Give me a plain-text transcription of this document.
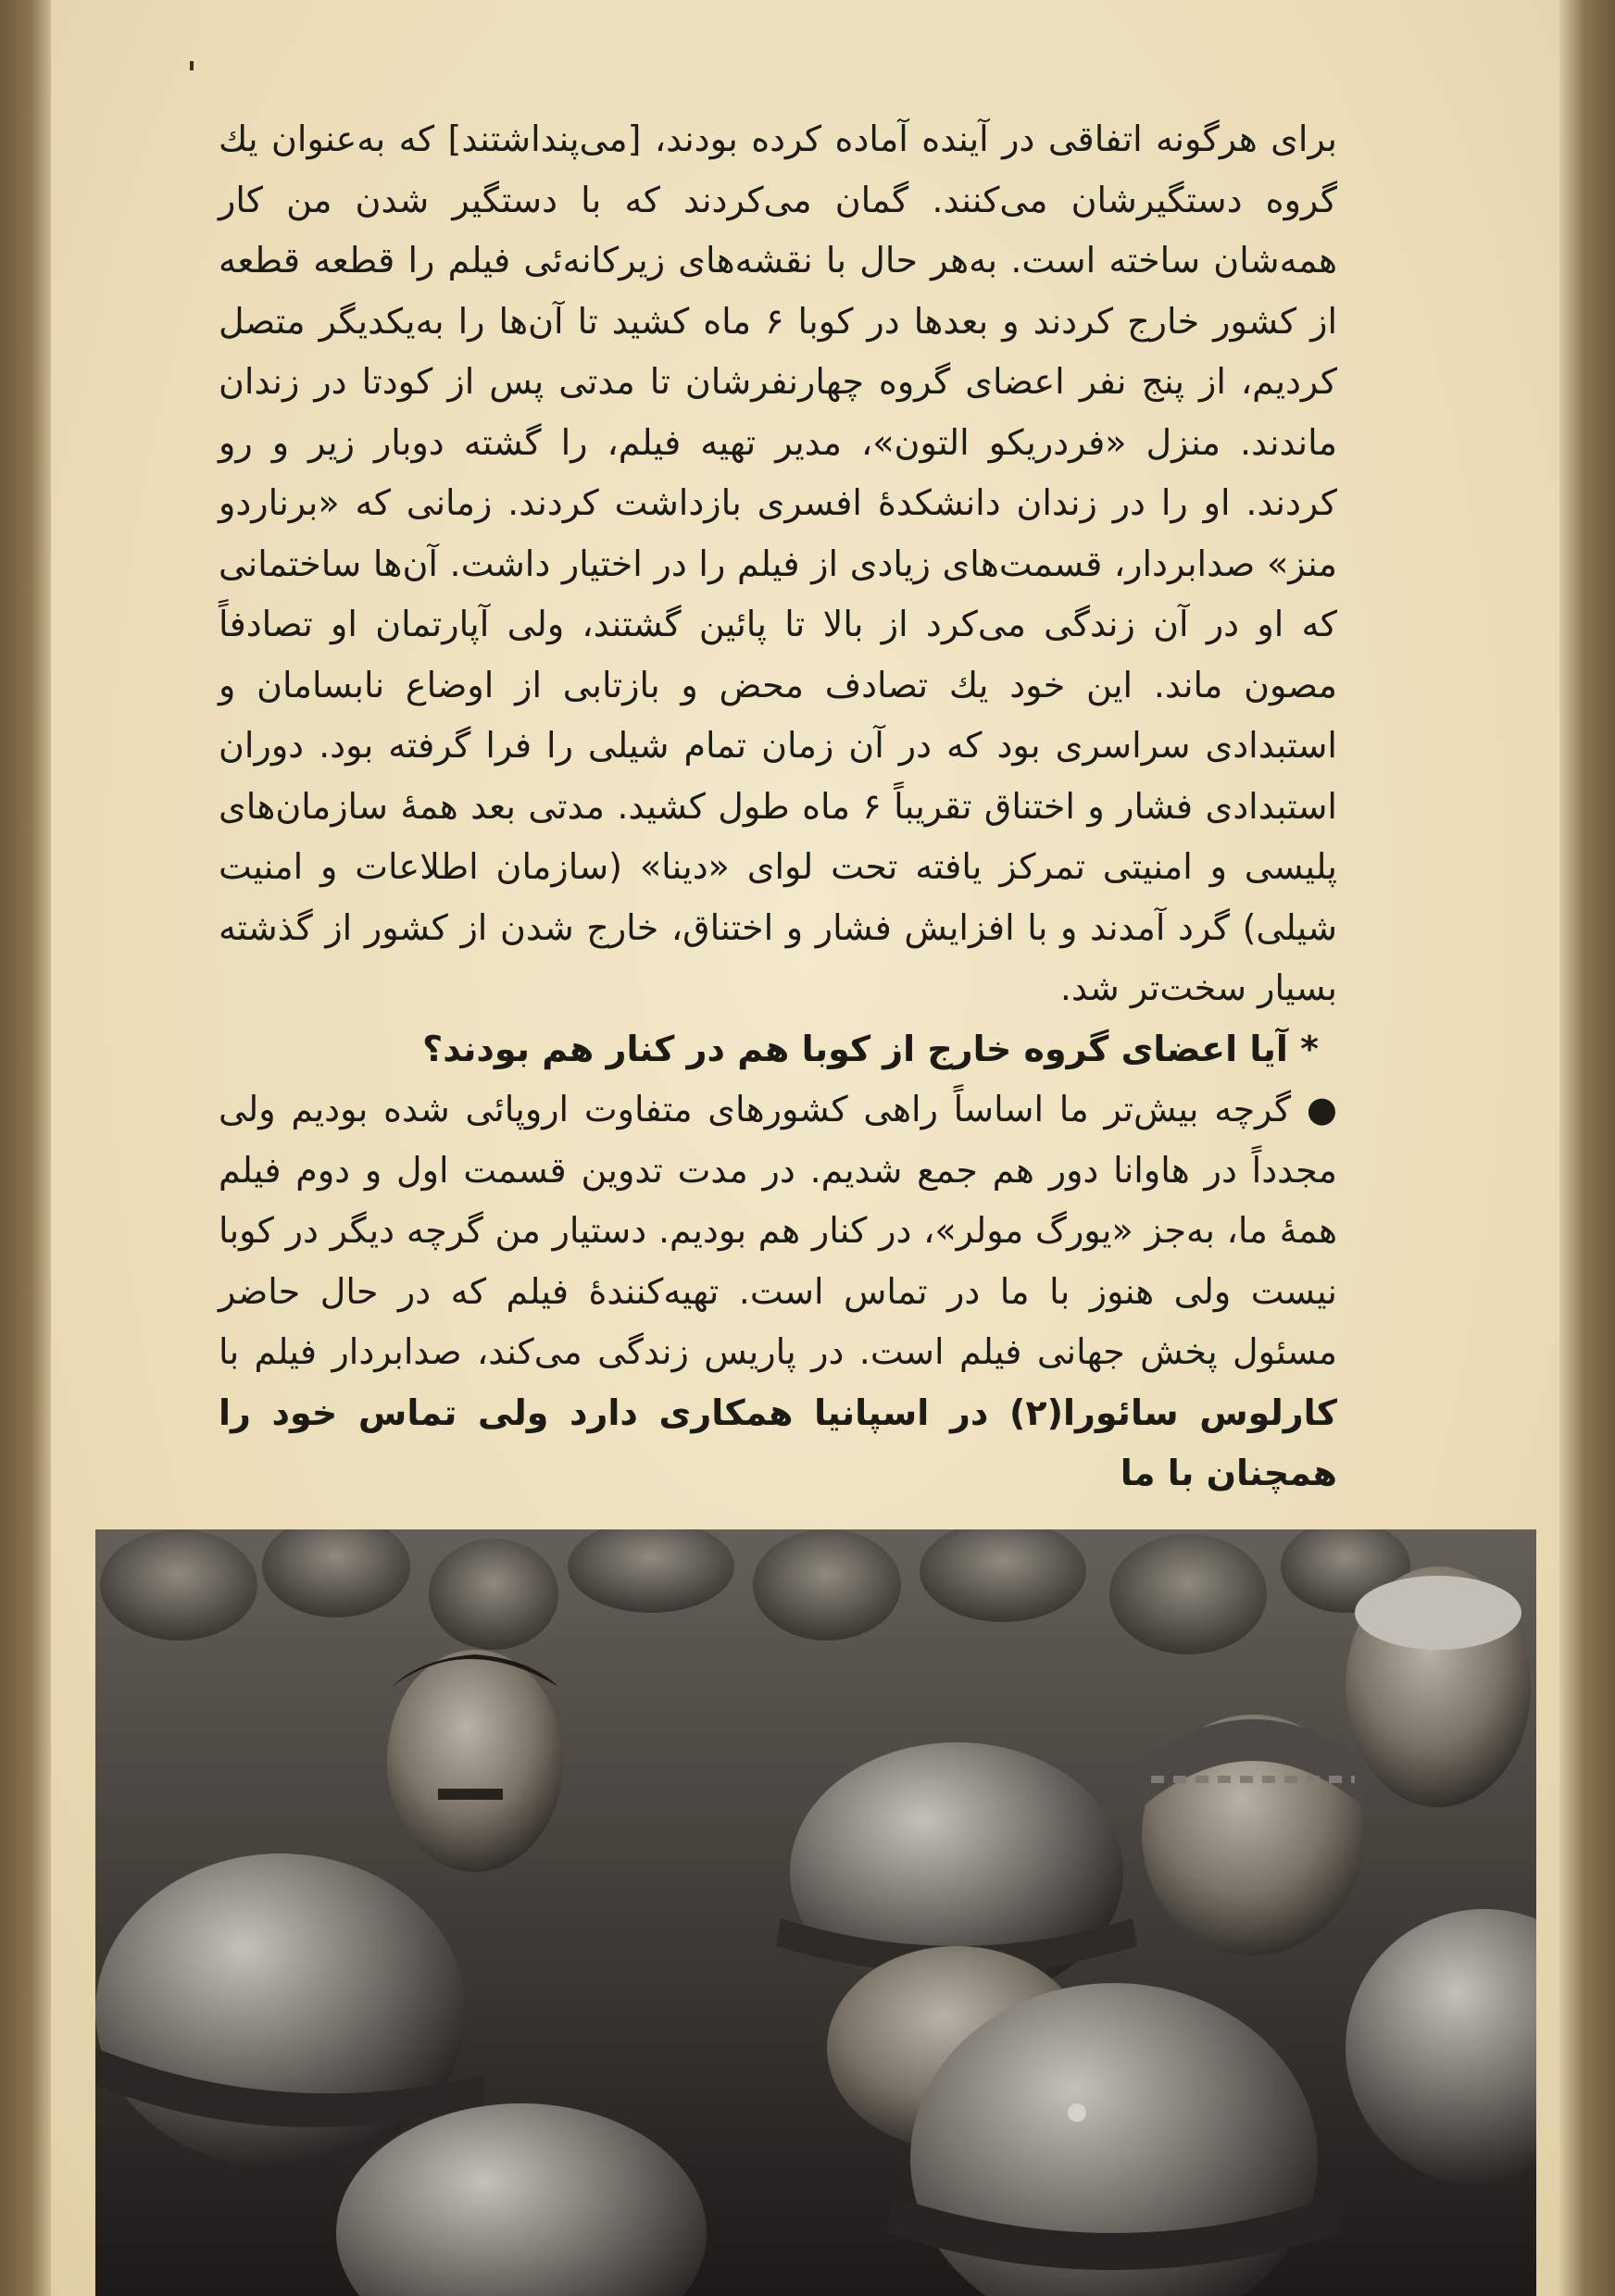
برای هرگونه اتفاقی در آینده آماده کرده بودند، [می‌پنداشتند] که به‌عنوان یك گروه دستگیرشان می‌کنند. گمان می‌کردند که با دستگیر شدن من کار همه‌شان ساخته است. به‌هر حال با نقشه‌های زیرکانه‌ئی فیلم را قطعه قطعه از کشور خارج کردند و بعدها در کوبا ۶ ماه کشید تا آن‌ها را به‌یکدیگر متصل کردیم، از پنج نفر اعضای گروه چهارنفرشان تا مدتی پس از کودتا در زندان ماندند. منزل «فردریکو التون»، مدیر تهیه فیلم، را گشته دوبار زیر و رو کردند. او را در زندان دانشکدهٔ افسری بازداشت کردند. زمانی که «برناردو منز» صدابردار، قسمت‌های زیادی از فیلم را در اختیار داشت. آن‌ها ساختمانی که او در آن زندگی می‌کرد از بالا تا پائین گشتند، ولی آپارتمان او تصادفاً مصون ماند. این خود یك تصادف محض و بازتابی از اوضاع نابسامان و استبدادی سراسری بود که در آن زمان تمام شیلی را فرا گرفته بود. دوران استبدادی فشار و اختناق تقریباً ۶ ماه طول کشید. مدتی بعد همهٔ سازمان‌های پلیسی و امنیتی تمرکز یافته تحت لوای «دینا» (سازمان اطلاعات و امنیت شیلی) گرد آمدند و با افزایش فشار و اختناق، خارج شدن از کشور از گذشته بسیار سخت‌تر شد.

* آیا اعضای گروه خارج از کوبا هم در کنار هم بودند؟

● گرچه بیش‌تر ما اساساً راهی کشورهای متفاوت اروپائی شده بودیم ولی مجدداً در هاوانا دور هم جمع شدیم. در مدت تدوین قسمت اول و دوم فیلم همهٔ ما، به‌جز «یورگ مولر»، در کنار هم بودیم. دستیار من گرچه دیگر در کوبا نیست ولی هنوز با ما در تماس است. تهیه‌کنندهٔ فیلم که در حال حاضر مسئول پخش جهانی فیلم است. در پاریس زندگی می‌کند، صدابردار فیلم با کارلوس سائورا(۲) در اسپانیا همکاری دارد ولی تماس خود را همچنان با ما
